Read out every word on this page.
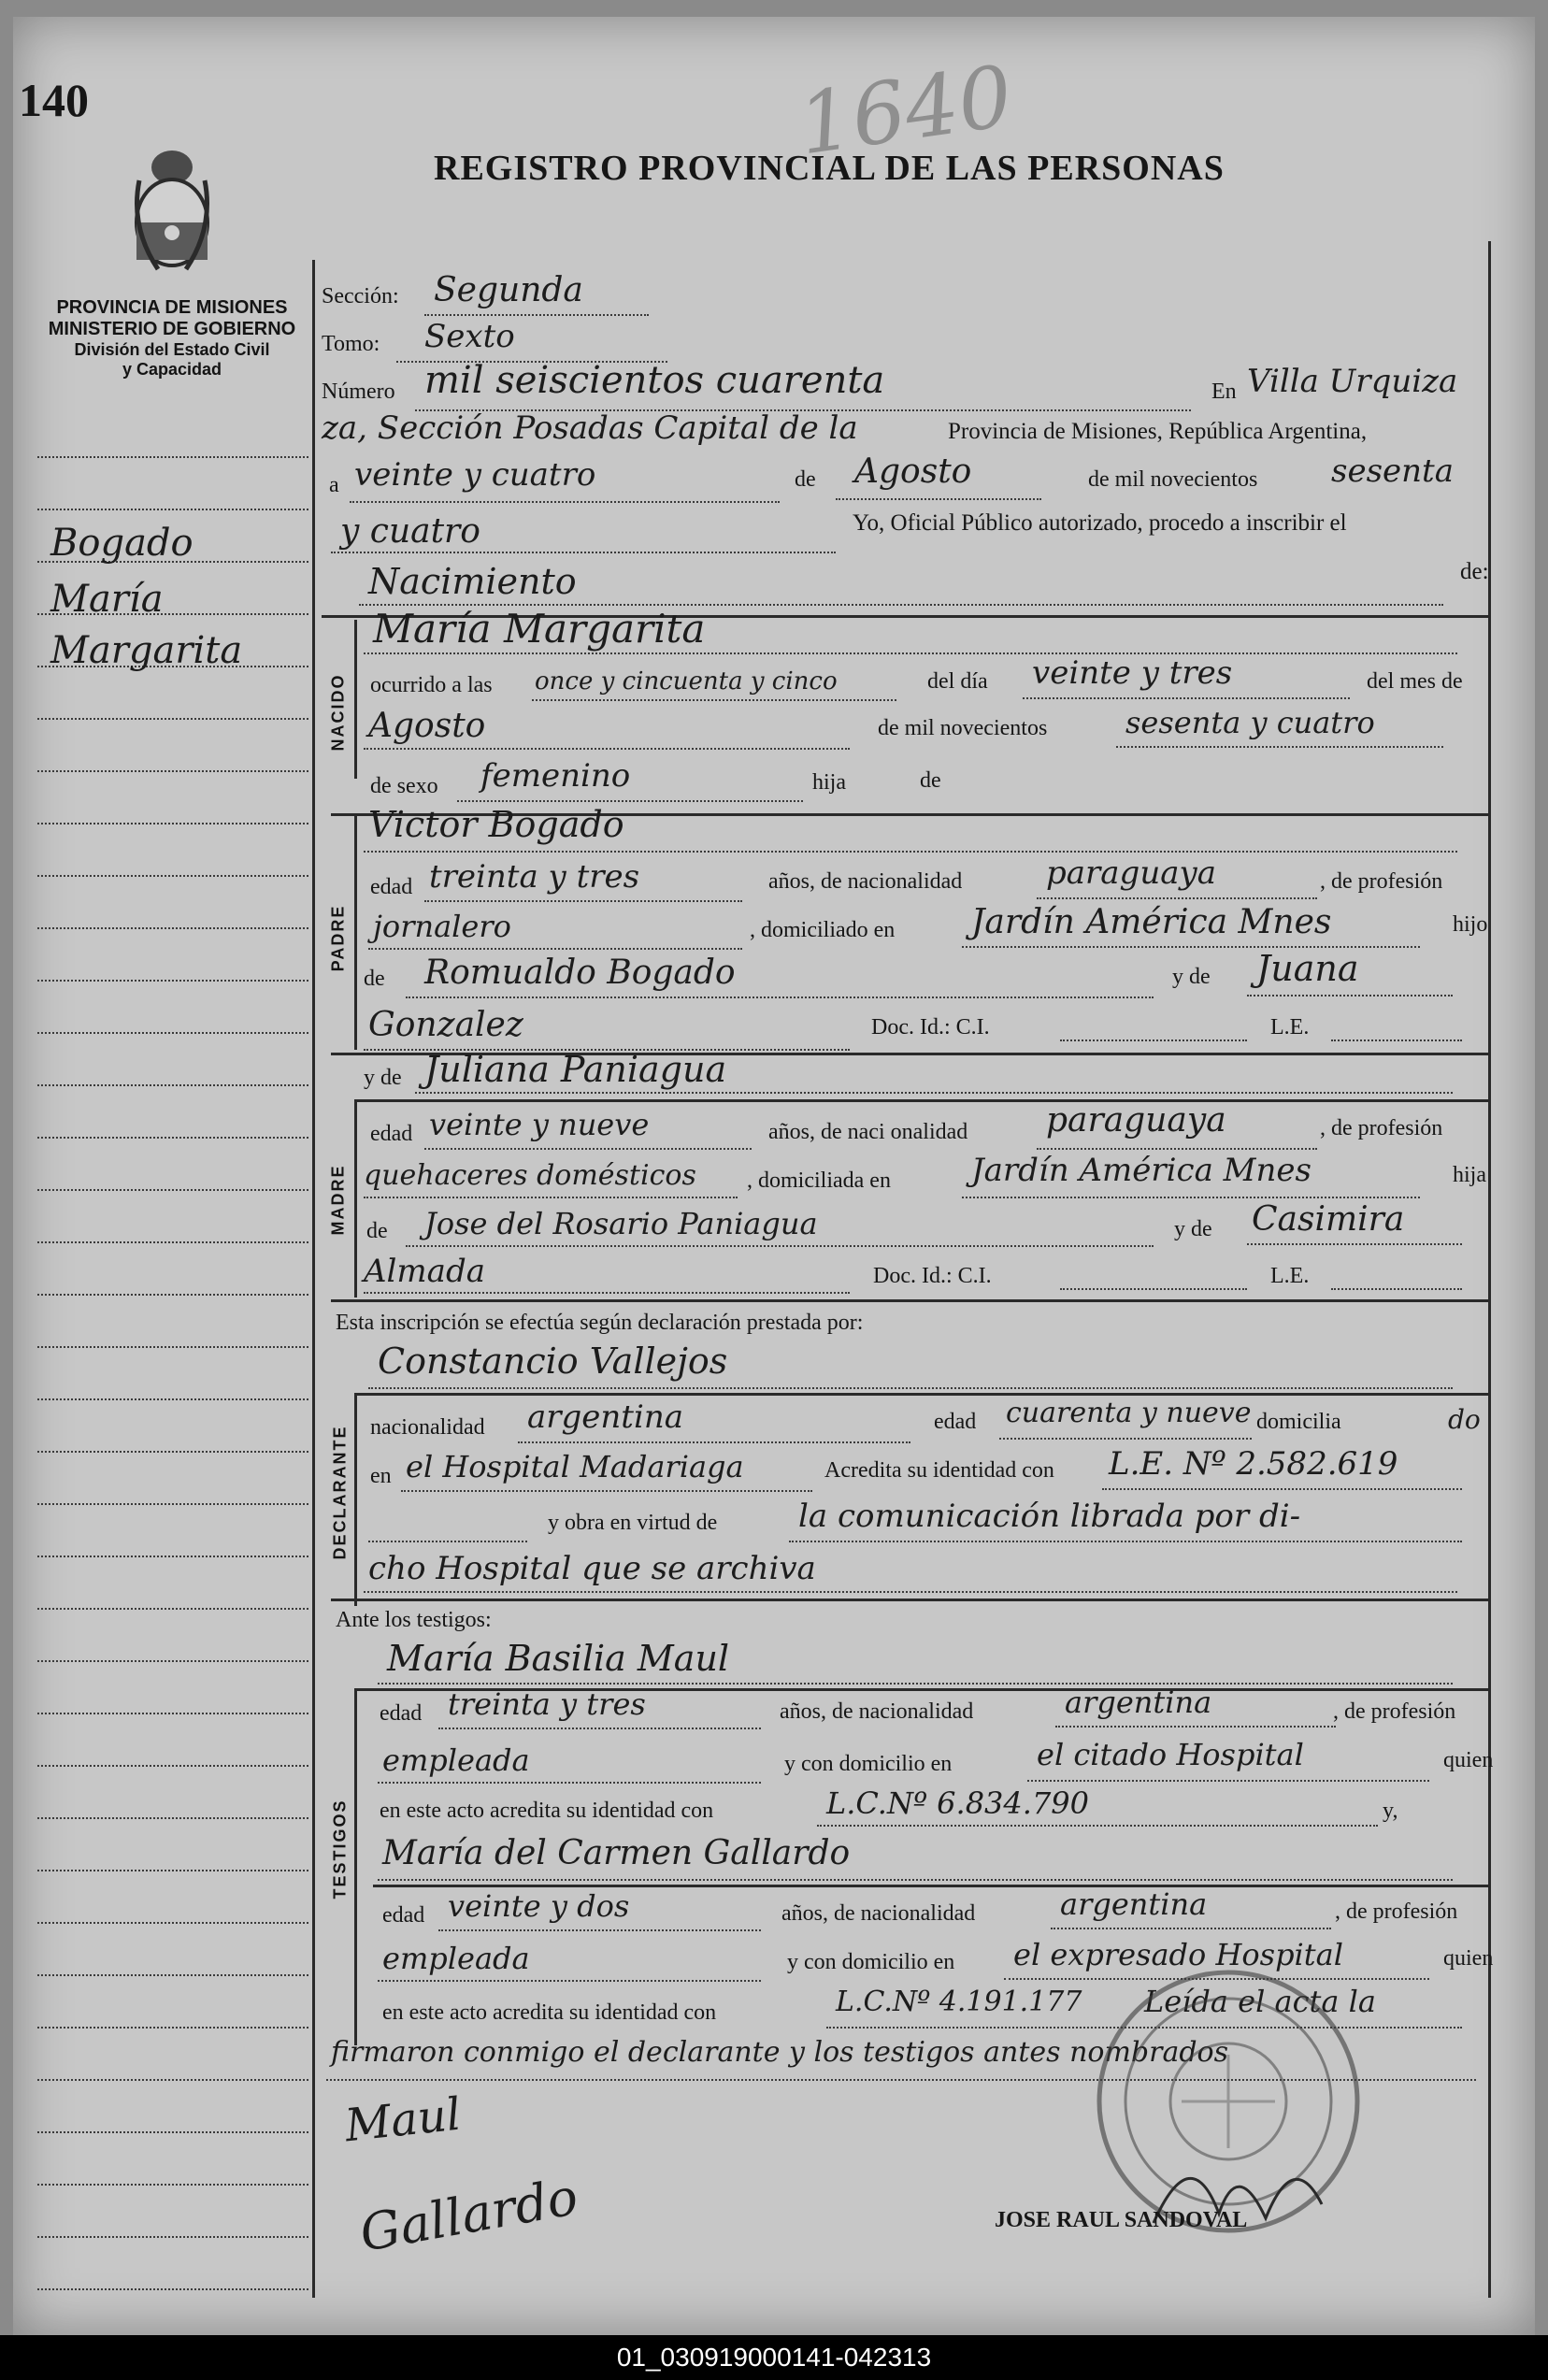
140	1640
REGISTRO PROVINCIAL DE LAS PERSONAS
PROVINCIA DE MISIONES
MINISTERIO DE GOBIERNO
División del Estado Civil
y Capacidad
Bogado
María
Margarita
Sección: Segunda
Tomo: Sexto
Número mil seiscientos cuarenta	En Villa Urquiza
za, Sección Posadas Capital de la	Provincia de Misiones, República Argentina,
a veinte y cuatro	de Agosto	de mil novecientos sesenta
y cuatro	Yo, Oficial Público autorizado, procedo a inscribir el
Nacimiento	de:
NACIDO
María Margarita
ocurrido a las once y cincuenta y cinco	del día veinte y tres	del mes de
Agosto	de mil novecientos	sesenta y cuatro
de sexo femenino	hija	de
PADRE
Victor Bogado
edad treinta y tres	años, de nacionalidad	paraguaya	, de profesión
jornalero	, domiciliado en Jardín América Mnes	hijo
de Romualdo Bogado	y de Juana
Gonzalez	Doc. Id.: C.I.	L.E.
y de Juliana Paniagua
MADRE
edad veinte y nueve	años, de naci onalidad paraguaya	, de profesión
quehaceres domésticos , domiciliada en	Jardín América Mnes	hija
de Jose del Rosario Paniagua	y de Casimira
Almada	Doc. Id.: C.I.	L.E.
Esta inscripción se efectúa según declaración prestada por:
Constancio Vallejos
DECLARANTE nacionalidad argentina	edad cuarenta y nueve domicilia	do
en el Hospital Madariaga	Acredita su identidad con L.E. Nº 2.582.619
y obra en virtud de	la comunicación librada por di-
cho Hospital que se archiva
Ante los testigos:
María Basilia Maul
TESTIGOS
edad treinta y tres	años, de nacionalidad	argentina	, de profesión
empleada	y con domicilio en	el citado Hospital	quien
en este acto acredita su identidad con	L.C.Nº 6.834.790	y,
María del Carmen Gallardo
edad veinte y dos	años, de nacionalidad	argentina	, de profesión
empleada	y con domicilio en el expresado Hospital	quien
en este acto acredita su identidad con	L.C.Nº 4.191.177 Leída el acta la
firmaron conmigo el declarante y los testigos antes nombrados
Maul
Gallardo	JOSE RAUL SANDOVAL
01_030919000141-042313
